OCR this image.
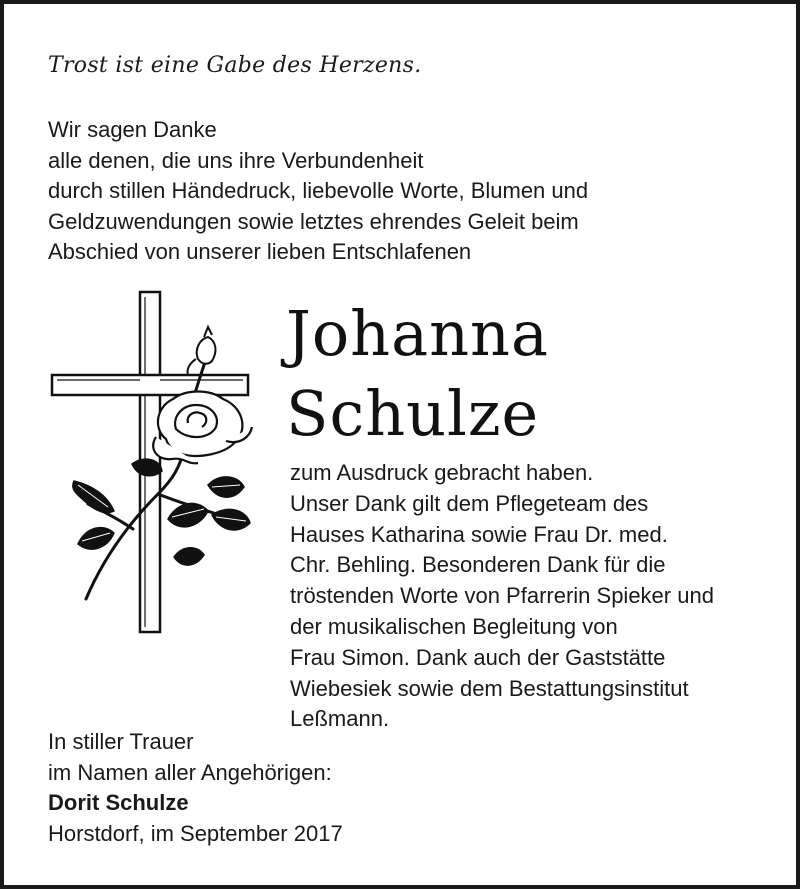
Trost ist eine Gabe des Herzens.
Wir sagen Danke
alle denen, die uns ihre Verbundenheit
durch stillen Händedruck, liebevolle Worte, Blumen und
Geldzuwendungen sowie letztes ehrendes Geleit beim
Abschied von unserer lieben Entschlafenen
Johanna
Schulze
zum Ausdruck gebracht haben.
Unser Dank gilt dem Pflegeteam des
Hauses Katharina sowie Frau Dr. med.
Chr. Behling. Besonderen Dank für die
tröstenden Worte von Pfarrerin Spieker und
der musikalischen Begleitung von
Frau Simon. Dank auch der Gaststätte
Wiebesiek sowie dem Bestattungsinstitut
Leßmann.
In stiller Trauer
im Namen aller Angehörigen:
Dorit Schulze
Horstdorf, im September 2017
